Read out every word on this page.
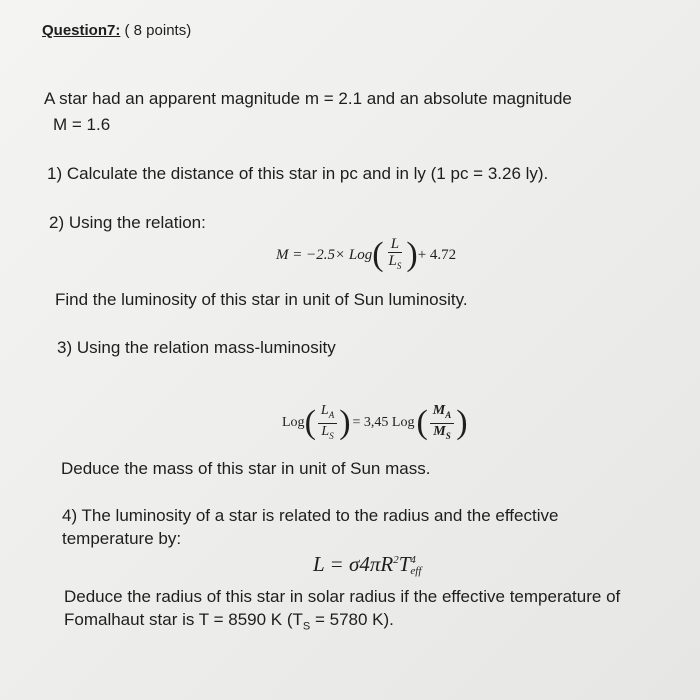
Question7: ( 8 points)
A star had an apparent magnitude m = 2.1 and an absolute magnitude
M = 1.6
1) Calculate the distance of this star in pc and in ly (1 pc = 3.26 ly).
2) Using the relation:
M = −2.5× Log ( $\frac{L}{L_S}$ ) + 4.72
Find the luminosity of this star in unit of Sun luminosity.
3) Using the relation mass-luminosity
Log ( $\frac{L_A}{L_S}$ ) = 3,45 Log ( $\frac{M_A}{M_S}$ )
Deduce the mass of this star in unit of Sun mass.
4) The luminosity of a star is related to the radius and the effective
temperature by:
$L = \sigma 4\pi R^2T$ 4
eff
Deduce the radius of this star in solar radius if the effective temperature of
Fomalhaut star is T = 8590 K ($T_S = 5780$ K).
